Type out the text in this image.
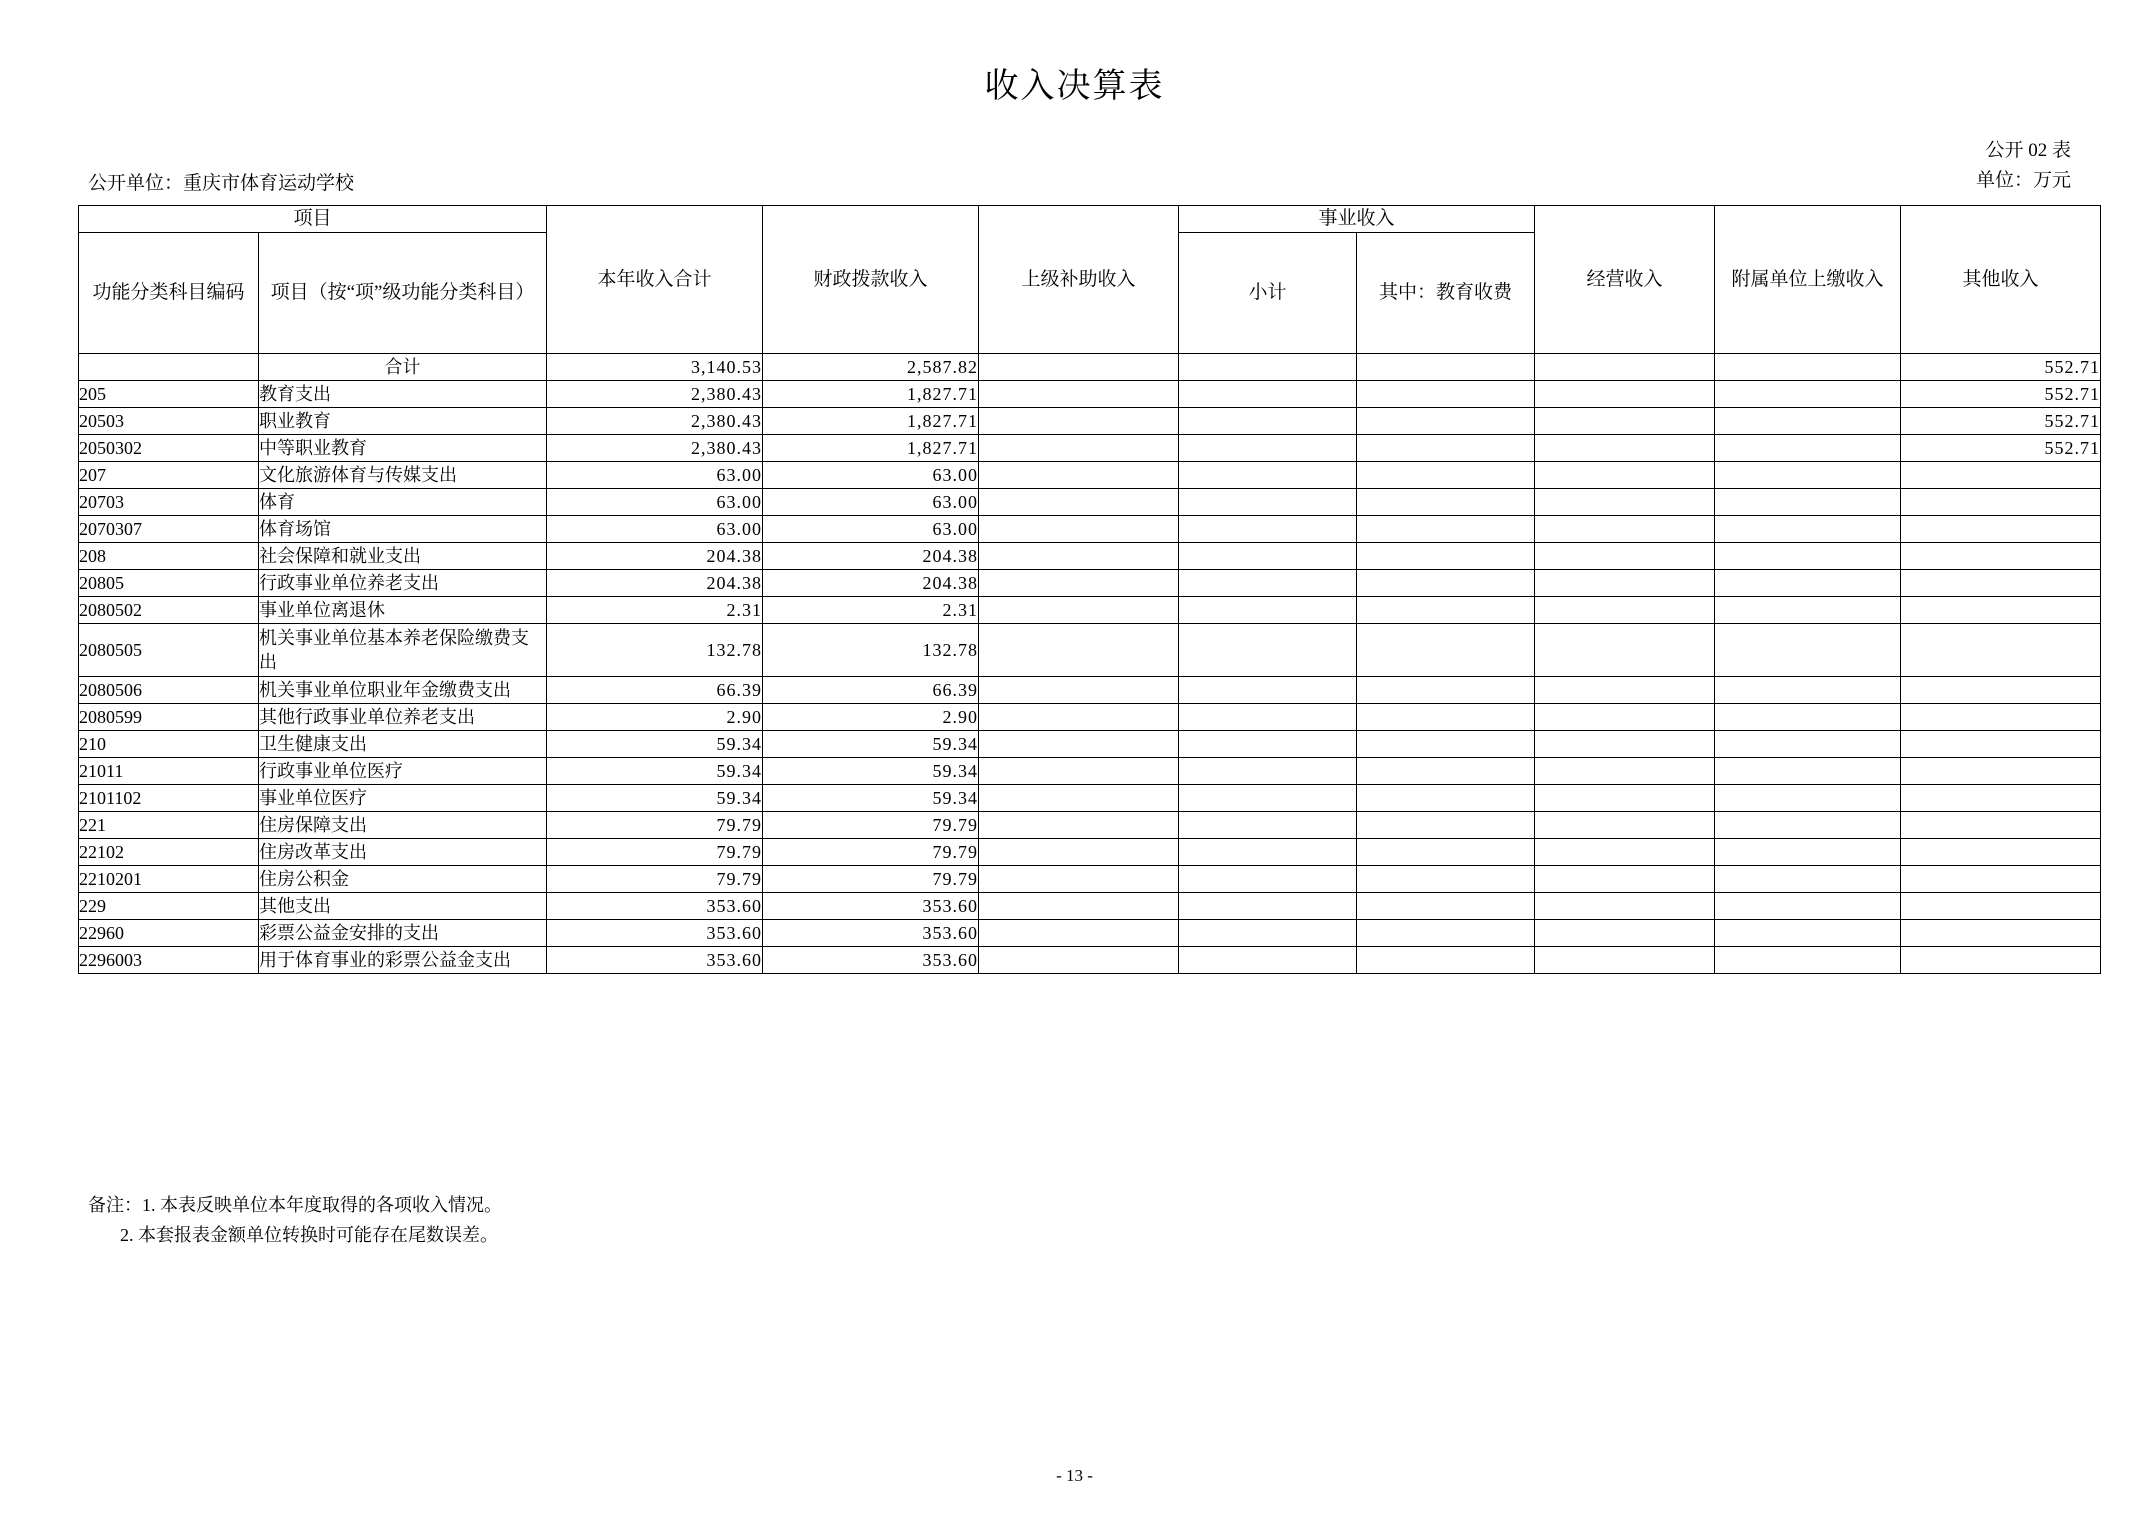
收入决算表
公开 02 表
单位：万元
公开单位：重庆市体育运动学校
项目		本年收入合计	财政拨款收入	上级补助收入	事业收入		经营收入	附属单位上缴收入	其他收入
功能分类科目编码	项目（按“项”级功能分类科目）				小计	其中：教育收费			
	合计	3,140.53	2,587.82						552.71
205	教育支出	2,380.43	1,827.71						552.71
20503	职业教育	2,380.43	1,827.71						552.71
2050302	中等职业教育	2,380.43	1,827.71						552.71
207	文化旅游体育与传媒支出	63.00	63.00						
20703	体育	63.00	63.00						
2070307	体育场馆	63.00	63.00						
208	社会保障和就业支出	204.38	204.38						
20805	行政事业单位养老支出	204.38	204.38						
2080502	事业单位离退休	2.31	2.31						
2080505	机关事业单位基本养老保险缴费支出	132.78	132.78						
2080506	机关事业单位职业年金缴费支出	66.39	66.39						
2080599	其他行政事业单位养老支出	2.90	2.90						
210	卫生健康支出	59.34	59.34						
21011	行政事业单位医疗	59.34	59.34						
2101102	事业单位医疗	59.34	59.34						
221	住房保障支出	79.79	79.79						
22102	住房改革支出	79.79	79.79						
2210201	住房公积金	79.79	79.79						
229	其他支出	353.60	353.60						
22960	彩票公益金安排的支出	353.60	353.60						
2296003	用于体育事业的彩票公益金支出	353.60	353.60						
备注：1. 本表反映单位本年度取得的各项收入情况。
2. 本套报表金额单位转换时可能存在尾数误差。
- 13 -
